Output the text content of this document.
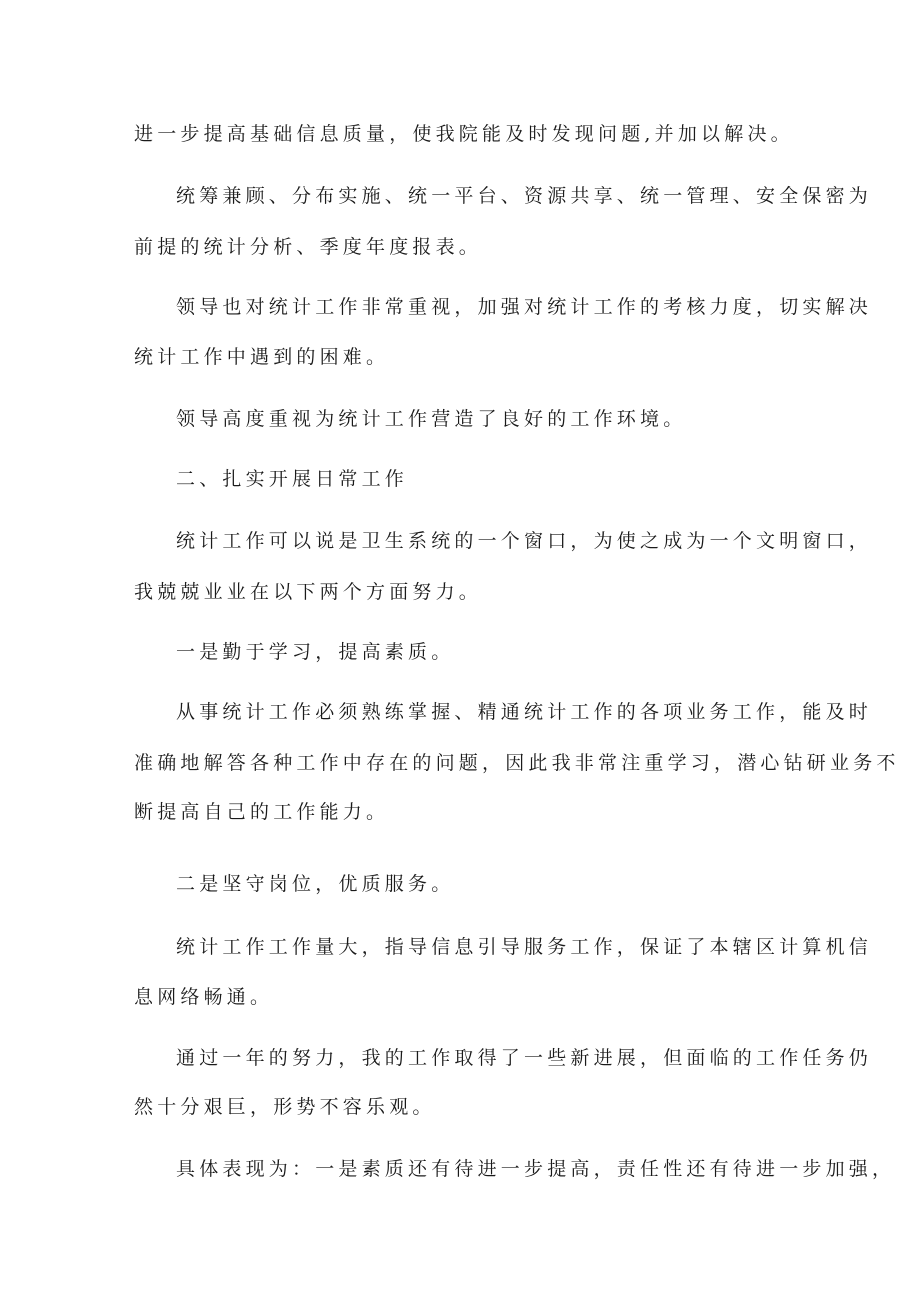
进一步提高基础信息质量，使我院能及时发现问题,并加以解决。
统筹兼顾、分布实施、统一平台、资源共享、统一管理、安全保密为
前提的统计分析、季度年度报表。
领导也对统计工作非常重视，加强对统计工作的考核力度，切实解决
统计工作中遇到的困难。
领导高度重视为统计工作营造了良好的工作环境。
二、扎实开展日常工作
统计工作可以说是卫生系统的一个窗口，为使之成为一个文明窗口，
我兢兢业业在以下两个方面努力。
一是勤于学习，提高素质。
从事统计工作必须熟练掌握、精通统计工作的各项业务工作，能及时
准确地解答各种工作中存在的问题，因此我非常注重学习，潜心钻研业务不
断提高自己的工作能力。
二是坚守岗位，优质服务。
统计工作工作量大，指导信息引导服务工作，保证了本辖区计算机信
息网络畅通。
通过一年的努力，我的工作取得了一些新进展，但面临的工作任务仍
然十分艰巨，形势不容乐观。
具体表现为：一是素质还有待进一步提高，责任性还有待进一步加强，
